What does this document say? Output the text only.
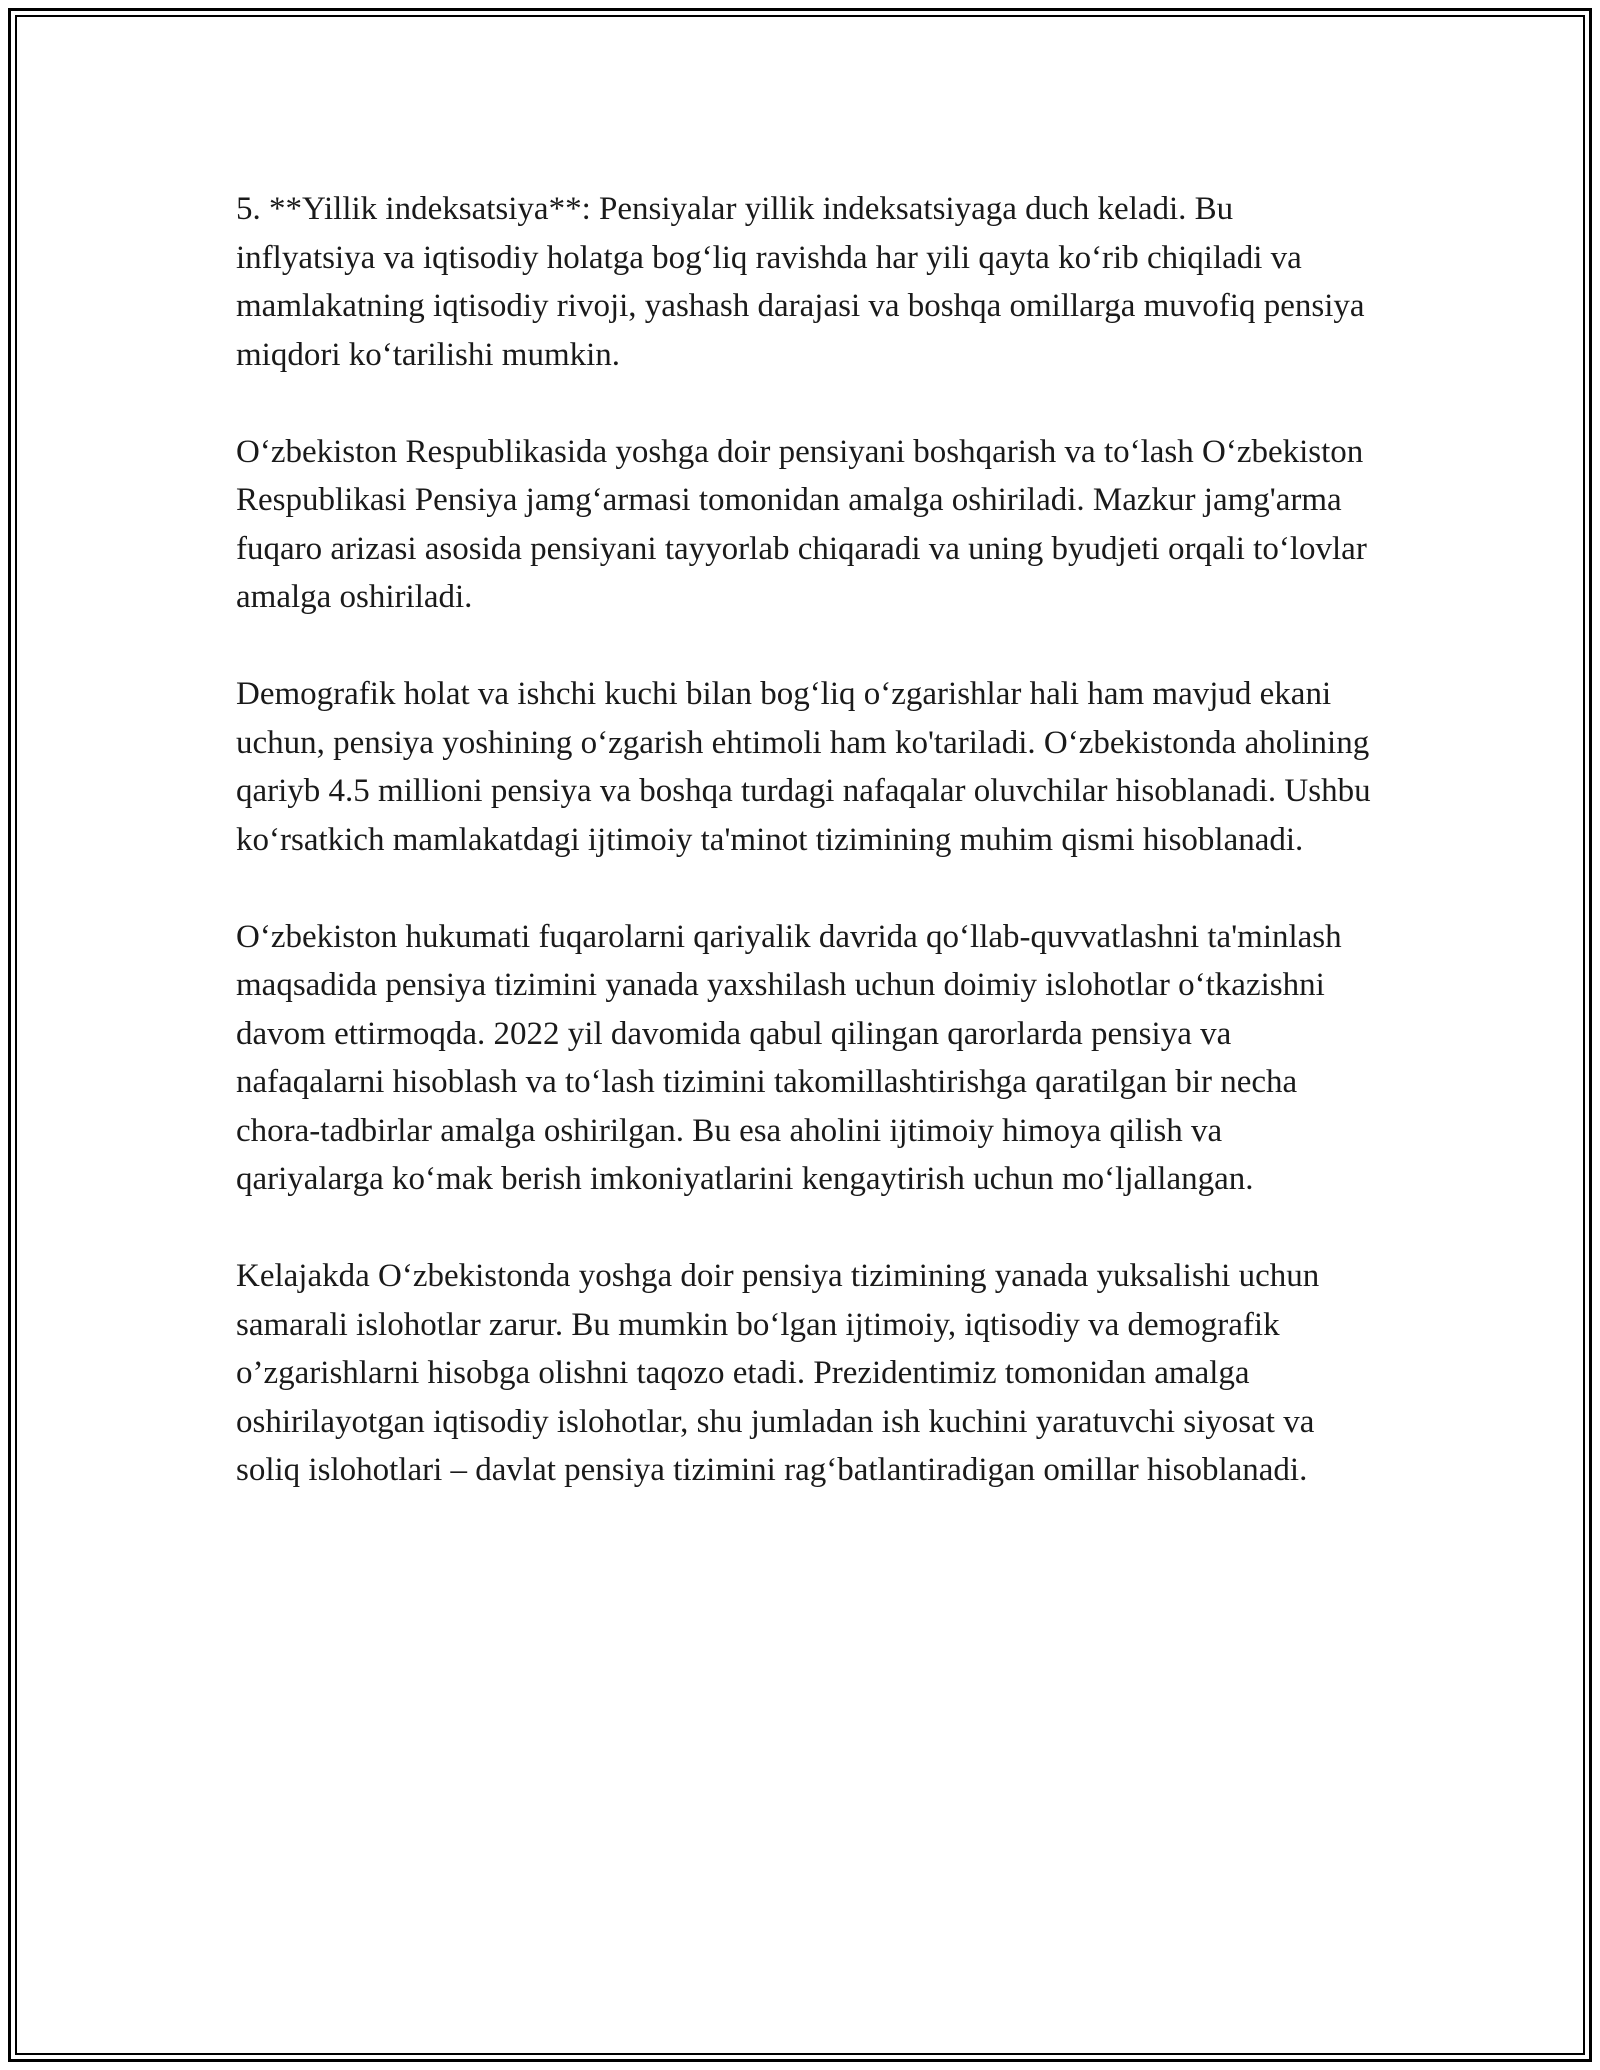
5. **Yillik indeksatsiya**: Pensiyalar yillik indeksatsiyaga duch keladi. Bu inflyatsiya va iqtisodiy holatga bog‘liq ravishda har yili qayta ko‘rib chiqiladi va mamlakatning iqtisodiy rivoji, yashash darajasi va boshqa omillarga muvofiq pensiya miqdori ko‘tarilishi mumkin.

O‘zbekiston Respublikasida yoshga doir pensiyani boshqarish va to‘lash O‘zbekiston Respublikasi Pensiya jamg‘armasi tomonidan amalga oshiriladi. Mazkur jamg'arma fuqaro arizasi asosida pensiyani tayyorlab chiqaradi va uning byudjeti orqali to‘lovlar amalga oshiriladi.

Demografik holat va ishchi kuchi bilan bog‘liq o‘zgarishlar hali ham mavjud ekani uchun, pensiya yoshining o‘zgarish ehtimoli ham ko'tariladi. O‘zbekistonda aholining qariyb 4.5 millioni pensiya va boshqa turdagi nafaqalar oluvchilar hisoblanadi. Ushbu ko‘rsatkich mamlakatdagi ijtimoiy ta'minot tizimining muhim qismi hisoblanadi.

O‘zbekiston hukumati fuqarolarni qariyalik davrida qo‘llab-quvvatlashni ta'minlash maqsadida pensiya tizimini yanada yaxshilash uchun doimiy islohotlar o‘tkazishni davom ettirmoqda. 2022 yil davomida qabul qilingan qarorlarda pensiya va nafaqalarni hisoblash va to‘lash tizimini takomillashtirishga qaratilgan bir necha chora-tadbirlar amalga oshirilgan. Bu esa aholini ijtimoiy himoya qilish va qariyalarga ko‘mak berish imkoniyatlarini kengaytirish uchun mo‘ljallangan.

Kelajakda O‘zbekistonda yoshga doir pensiya tizimining yanada yuksalishi uchun samarali islohotlar zarur. Bu mumkin bo‘lgan ijtimoiy, iqtisodiy va demografik o’zgarishlarni hisobga olishni taqozo etadi. Prezidentimiz tomonidan amalga oshirilayotgan iqtisodiy islohotlar, shu jumladan ish kuchini yaratuvchi siyosat va soliq islohotlari – davlat pensiya tizimini rag‘batlantiradigan omillar hisoblanadi.
